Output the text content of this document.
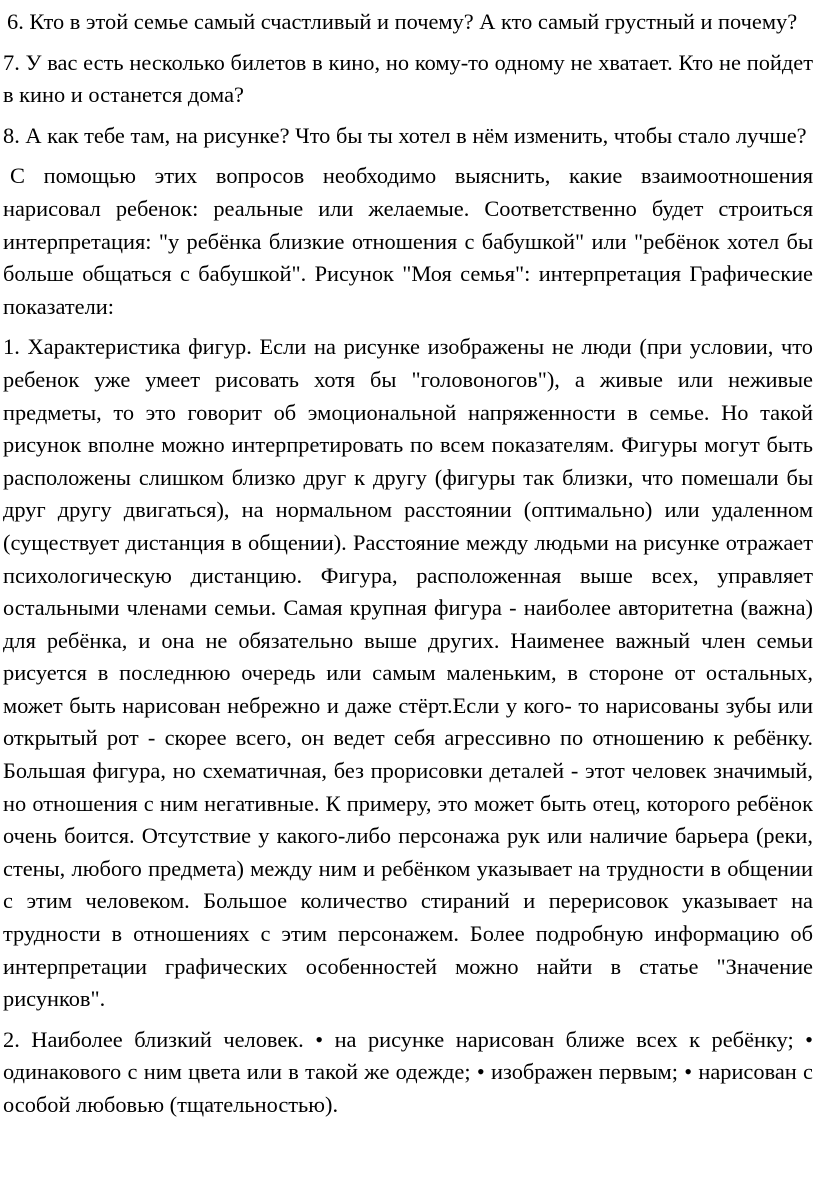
6. Кто в этой семье самый счастливый и почему? А кто самый грустный и почему?

7. У вас есть несколько билетов в кино, но кому-то одному не хватает. Кто не пойдет в кино и останется дома?

8. А как тебе там, на рисунке? Что бы ты хотел в нём изменить, чтобы стало лучше?

С помощью этих вопросов необходимо выяснить, какие взаимоотношения нарисовал ребенок: реальные или желаемые. Соответственно будет строиться интерпретация: "у ребёнка близкие отношения с бабушкой" или "ребёнок хотел бы больше общаться с бабушкой". Рисунок "Моя семья": интерпретация Графические показатели:

1. Характеристика фигур. Если на рисунке изображены не люди (при условии, что ребенок уже умеет рисовать хотя бы "головоногов"), а живые или неживые предметы, то это говорит об эмоциональной напряженности в семье. Но такой рисунок вполне можно интерпретировать по всем показателям. Фигуры могут быть расположены слишком близко друг к другу (фигуры так близки, что помешали бы друг другу двигаться), на нормальном расстоянии (оптимально) или удаленном (существует дистанция в общении). Расстояние между людьми на рисунке отражает психологическую дистанцию. Фигура, расположенная выше всех, управляет остальными членами семьи. Самая крупная фигура - наиболее авторитетна (важна) для ребёнка, и она не обязательно выше других. Наименее важный член семьи рисуется в последнюю очередь или самым маленьким, в стороне от остальных, может быть нарисован небрежно и даже стёрт.Если у кого- то нарисованы зубы или открытый рот - скорее всего, он ведет себя агрессивно по отношению к ребёнку. Большая фигура, но схематичная, без прорисовки деталей - этот человек значимый, но отношения с ним негативные. К примеру, это может быть отец, которого ребёнок очень боится. Отсутствие у какого-либо персонажа рук или наличие барьера (реки, стены, любого предмета) между ним и ребёнком указывает на трудности в общении с этим человеком. Большое количество стираний и перерисовок указывает на трудности в отношениях с этим персонажем. Более подробную информацию об интерпретации графических особенностей можно найти в статье "Значение рисунков".

2. Наиболее близкий человек. • на рисунке нарисован ближе всех к ребёнку; • одинакового с ним цвета или в такой же одежде; • изображен первым; • нарисован с особой любовью (тщательностью).
